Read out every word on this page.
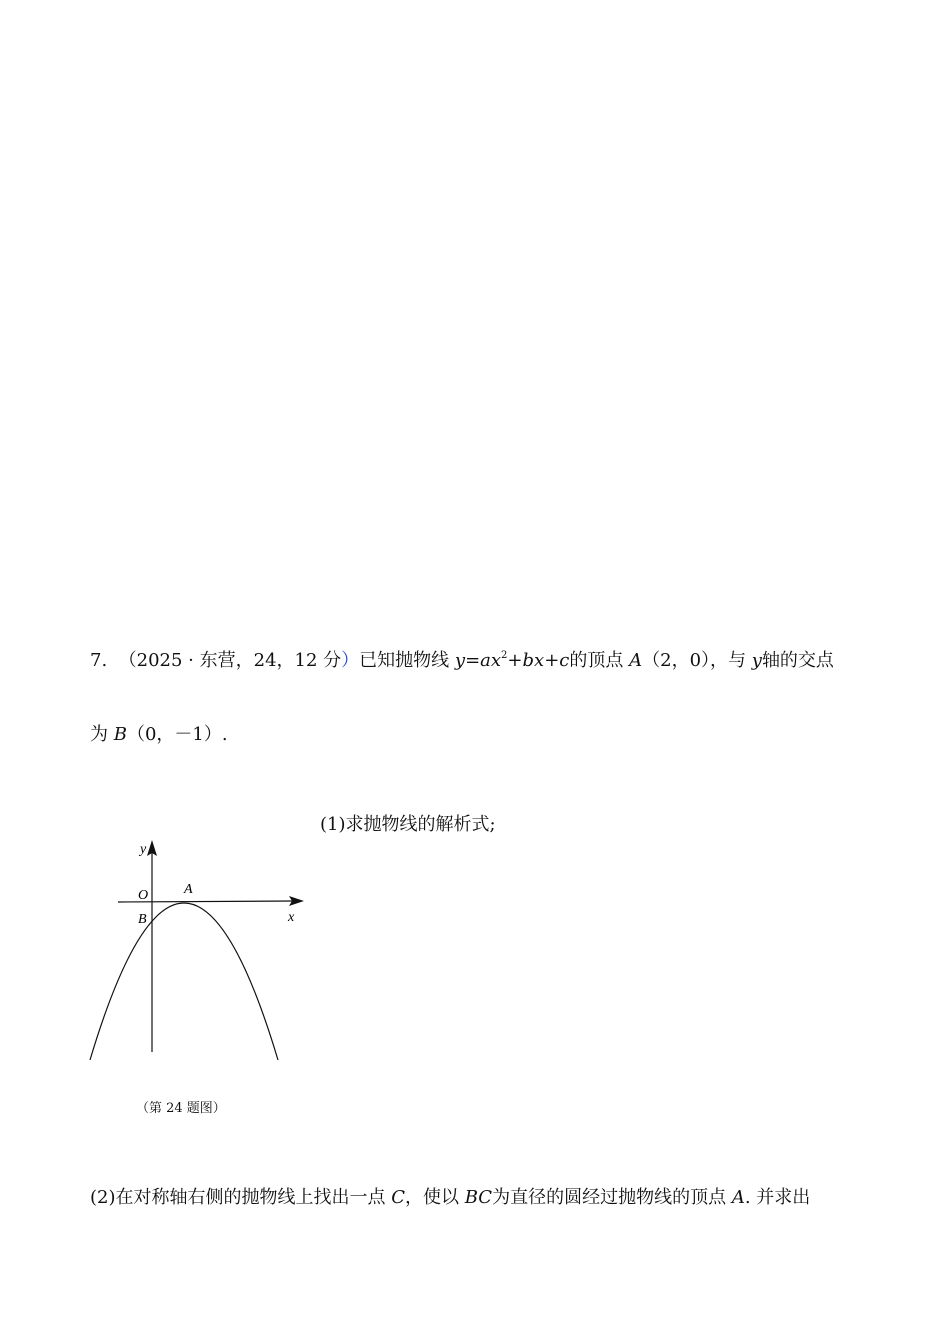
7. （2025 · 东营，24，12 分）已知抛物线 $y=ax^2+bx+c$的顶点 A（2，0），与 y轴的交点
为 B（0，－1）.
(1)求抛物线的解析式;
y
x
O	A
B
（第 24 题图）
(2)在对称轴右侧的抛物线上找出一点 C，使以 BC为直径的圆经过抛物线的顶点 A. 并求出
